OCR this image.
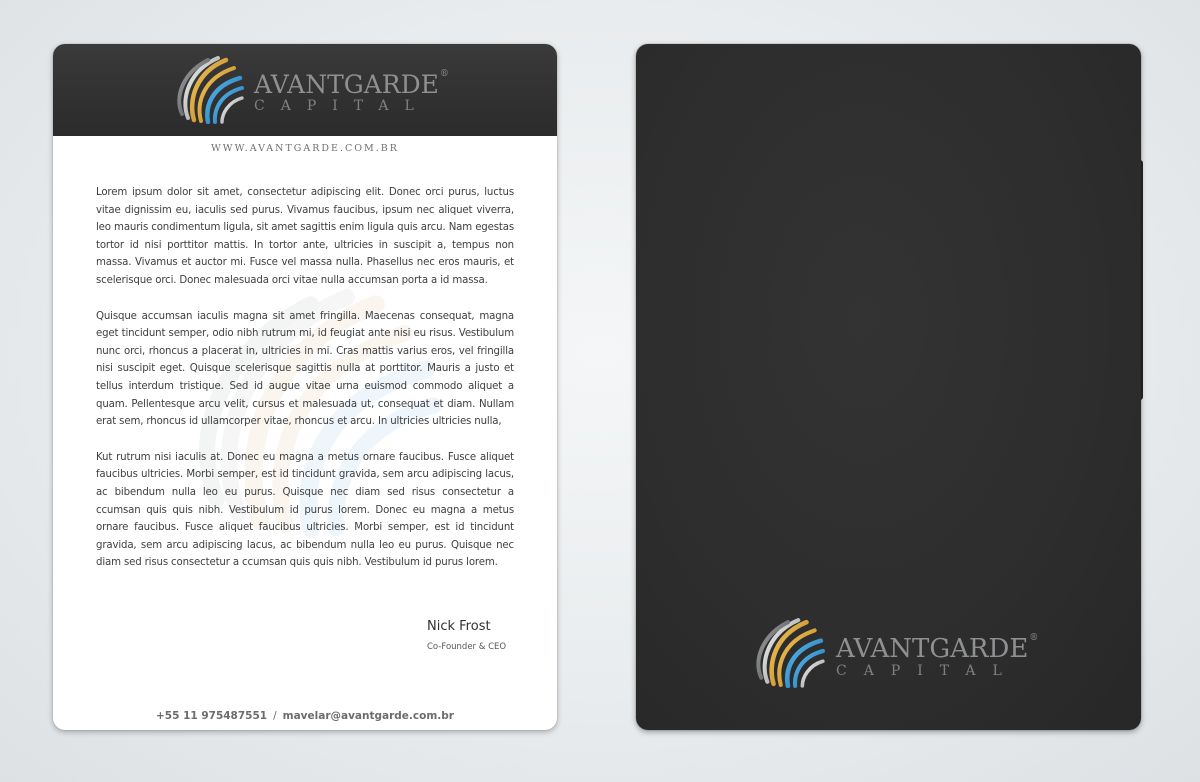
AVANTGARDE®
CAPITAL
WWW.AVANTGARDE.COM.BR

Lorem ipsum dolor sit amet, consectetur adipiscing elit. Donec orci purus, luctus vitae dignissim eu, iaculis sed purus. Vivamus faucibus, ipsum nec aliquet viverra, leo mauris condimentum ligula, sit amet sagittis enim ligula quis arcu. Nam egestas tortor id nisi porttitor mattis. In tortor ante, ultricies in suscipit a, tempus non massa. Vivamus et auctor mi. Fusce vel massa nulla. Phasellus nec eros mauris, et scelerisque orci. Donec malesuada orci vitae nulla accumsan porta a id massa.

Quisque accumsan iaculis magna sit amet fringilla. Maecenas consequat, magna eget tincidunt semper, odio nibh rutrum mi, id feugiat ante nisi eu risus. Vestibulum nunc orci, rhoncus a placerat in, ultricies in mi. Cras mattis varius eros, vel fringilla nisi suscipit eget. Quisque scelerisque sagittis nulla at porttitor. Mauris a justo et tellus interdum tristique. Sed id augue vitae urna euismod commodo aliquet a quam. Pellentesque arcu velit, cursus et malesuada ut, consequat et diam. Nullam erat sem, rhoncus id ullamcorper vitae, rhoncus et arcu. In ultricies ultricies nulla,

Kut rutrum nisi iaculis at. Donec eu magna a metus ornare faucibus. Fusce aliquet faucibus ultricies. Morbi semper, est id tincidunt gravida, sem arcu adipiscing lacus, ac bibendum nulla leo eu purus. Quisque nec diam sed risus consectetur a ccumsan quis quis nibh. Vestibulum id purus lorem. Donec eu magna a metus ornare faucibus. Fusce aliquet faucibus ultricies. Morbi semper, est id tincidunt gravida, sem arcu adipiscing lacus, ac bibendum nulla leo eu purus. Quisque nec diam sed risus consectetur a ccumsan quis quis nibh. Vestibulum id purus lorem.

Nick Frost
Co-Founder & CEO
+55 11 975487551 / mavelar@avantgarde.com.br
AVANTGARDE®
CAPITAL
